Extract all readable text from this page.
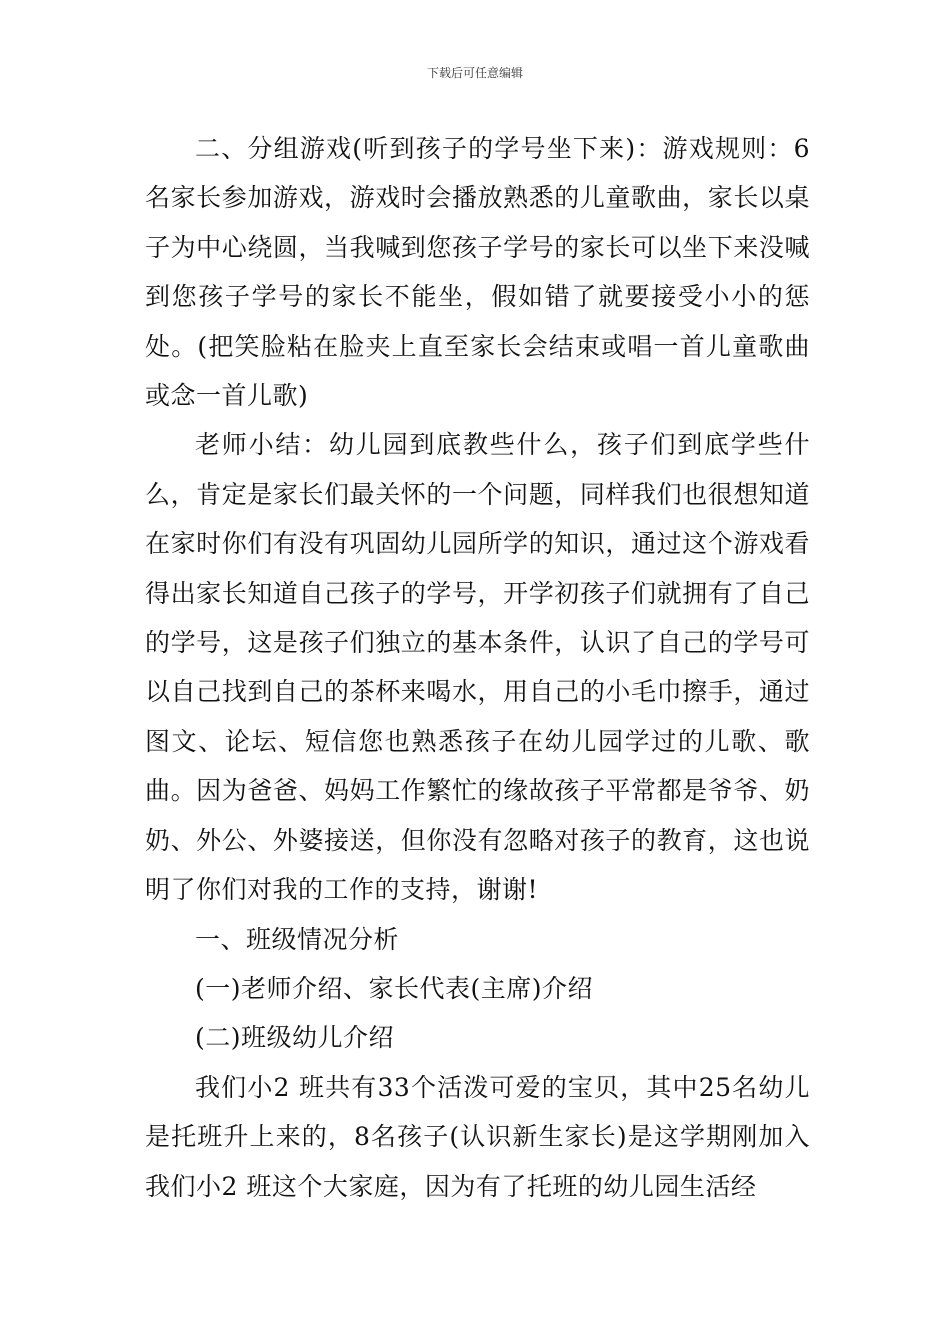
下载后可任意编辑

二、分组游戏(听到孩子的学号坐下来)：游戏规则：6名家长参加游戏，游戏时会播放熟悉的儿童歌曲，家长以桌子为中心绕圆，当我喊到您孩子学号的家长可以坐下来没喊到您孩子学号的家长不能坐，假如错了就要接受小小的惩处。(把笑脸粘在脸夹上直至家长会结束或唱一首儿童歌曲或念一首儿歌)

老师小结：幼儿园到底教些什么，孩子们到底学些什么，肯定是家长们最关怀的一个问题，同样我们也很想知道在家时你们有没有巩固幼儿园所学的知识，通过这个游戏看得出家长知道自己孩子的学号，开学初孩子们就拥有了自己的学号，这是孩子们独立的基本条件，认识了自己的学号可以自己找到自己的茶杯来喝水，用自己的小毛巾擦手，通过图文、论坛、短信您也熟悉孩子在幼儿园学过的儿歌、歌曲。因为爸爸、妈妈工作繁忙的缘故孩子平常都是爷爷、奶奶、外公、外婆接送，但你没有忽略对孩子的教育，这也说明了你们对我的工作的支持，谢谢!

一、班级情况分析

(一)老师介绍、家长代表(主席)介绍

(二)班级幼儿介绍

我们小2 班共有33个活泼可爱的宝贝，其中25名幼儿是托班升上来的，8名孩子(认识新生家长)是这学期刚加入我们小2 班这个大家庭，因为有了托班的幼儿园生活经
